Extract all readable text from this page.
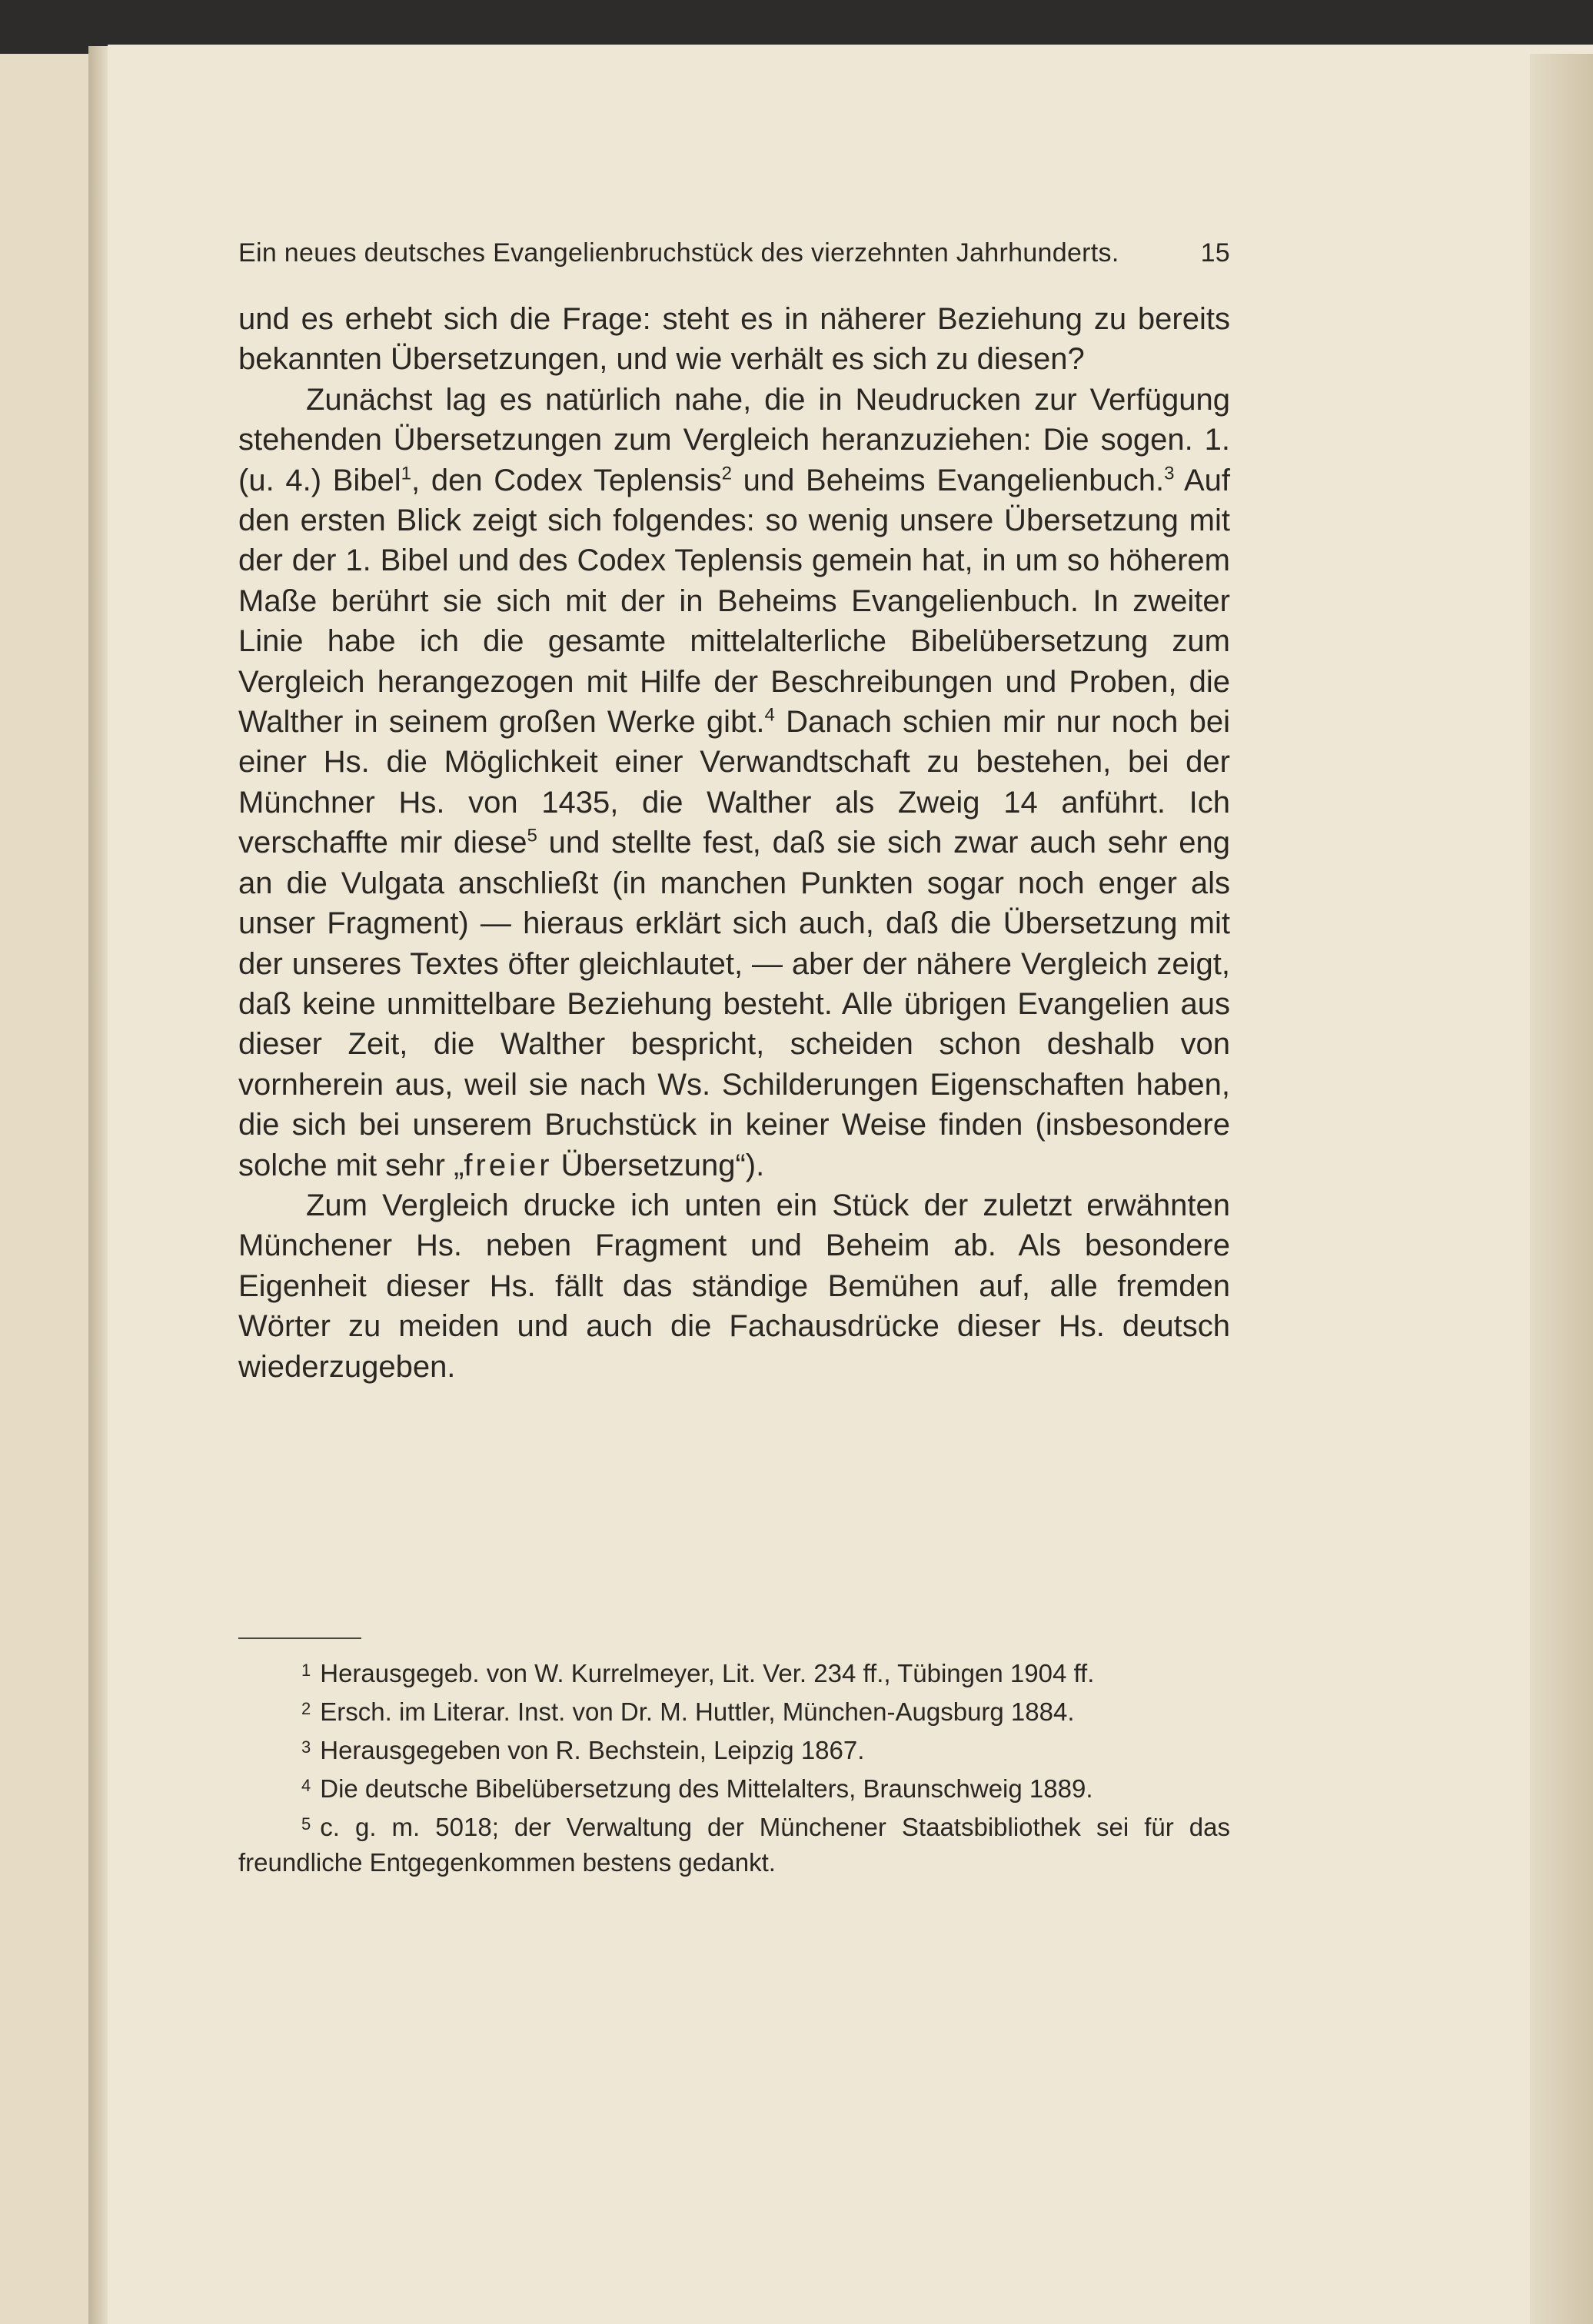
Ein neues deutsches Evangelienbruchstück des vierzehnten Jahrhunderts.	15

und es erhebt sich die Frage: steht es in näherer Beziehung zu bereits bekannten Übersetzungen, und wie verhält es sich zu diesen?

Zunächst lag es natürlich nahe, die in Neudrucken zur Verfügung stehenden Übersetzungen zum Vergleich heranzuziehen: Die sogen. 1. (u. 4.) Bibel$^1$, den Codex Teplensis$^2$ und Beheims Evangelienbuch.$^3$ Auf den ersten Blick zeigt sich folgendes: so wenig unsere Übersetzung mit der der 1. Bibel und des Codex Teplensis gemein hat, in um so höherem Maße berührt sie sich mit der in Beheims Evangelienbuch. In zweiter Linie habe ich die gesamte mittelalterliche Bibelübersetzung zum Vergleich herangezogen mit Hilfe der Beschreibungen und Proben, die Walther in seinem großen Werke gibt.$^4$ Danach schien mir nur noch bei einer Hs. die Möglichkeit einer Verwandtschaft zu bestehen, bei der Münchner Hs. von 1435, die Walther als Zweig 14 anführt. Ich verschaffte mir diese$^5$ und stellte fest, daß sie sich zwar auch sehr eng an die Vulgata anschließt (in manchen Punkten sogar noch enger als unser Fragment) — hieraus erklärt sich auch, daß die Übersetzung mit der unseres Textes öfter gleichlautet, — aber der nähere Vergleich zeigt, daß keine unmittelbare Beziehung besteht. Alle übrigen Evangelien aus dieser Zeit, die Walther bespricht, scheiden schon deshalb von vornherein aus, weil sie nach Ws. Schilderungen Eigenschaften haben, die sich bei unserem Bruchstück in keiner Weise finden (insbesondere solche mit sehr „freier Übersetzung“).

Zum Vergleich drucke ich unten ein Stück der zuletzt erwähnten Münchener Hs. neben Fragment und Beheim ab. Als besondere Eigenheit dieser Hs. fällt das ständige Bemühen auf, alle fremden Wörter zu meiden und auch die Fachausdrücke dieser Hs. deutsch wiederzugeben.

$^1$ Herausgegeb. von W. Kurrelmeyer, Lit. Ver. 234 ff., Tübingen 1904 ff.

$^2$ Ersch. im Literar. Inst. von Dr. M. Huttler, München-Augsburg 1884.

$^3$ Herausgegeben von R. Bechstein, Leipzig 1867.

$^4$ Die deutsche Bibelübersetzung des Mittelalters, Braunschweig 1889.

$^5$ c. g. m. 5018; der Verwaltung der Münchener Staatsbibliothek sei für das freundliche Entgegenkommen bestens gedankt.
